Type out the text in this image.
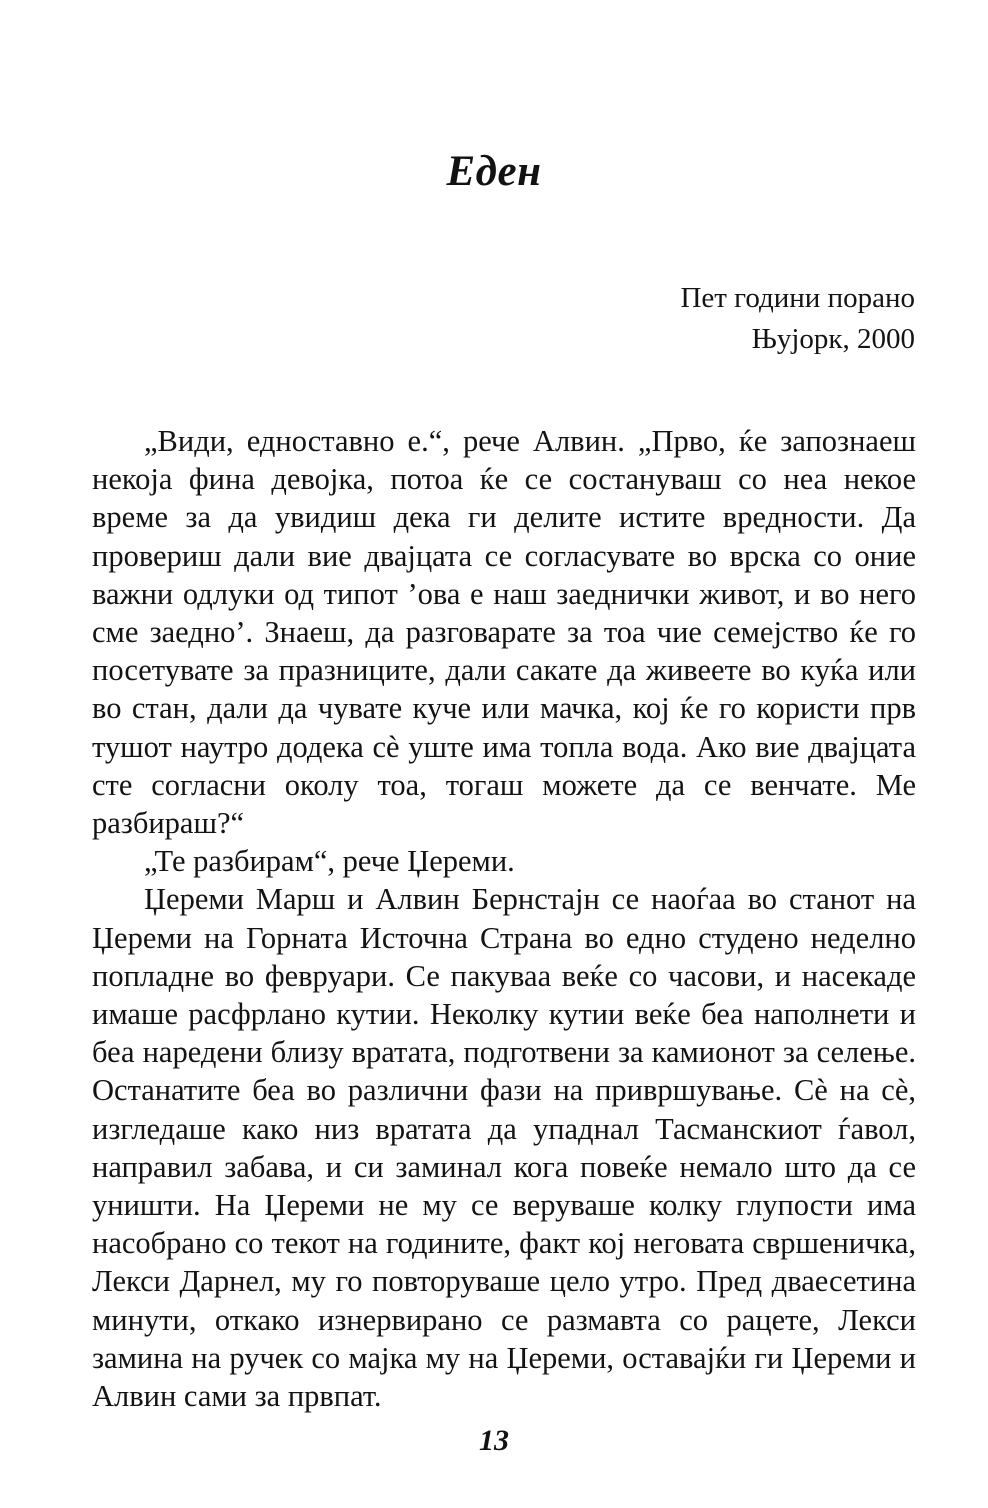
Еден
Пет години порано
Њујорк, 2000

„Види, едноставно е.“, рече Алвин. „Прво, ќе запознаеш некоја фина девојка, потоа ќе се состануваш со неа некое време за да увидиш дека ги делите истите вредности. Да провериш дали вие двајцата се согласувате во врска со оние важни одлуки од типот ’ова е наш заеднички живот, и во него сме заедно’. Знаеш, да разговарате за тоа чие семејство ќе го посетувате за празниците, дали сакате да живеете во куќа или во стан, дали да чувате куче или мачка, кој ќе го користи прв тушот наутро додека сѐ уште има топла вода. Ако вие двајцата сте согласни околу тоа, тогаш можете да се венчате. Ме разбираш?“

„Те разбирам“, рече Џереми.

Џереми Марш и Алвин Бернстајн се наоѓаа во станот на Џереми на Горната Источна Страна во едно студено неделно попладне во февруари. Се пакуваа веќе со часови, и насекаде имаше расфрлано кутии. Неколку кутии веќе беа наполнети и беа наредени близу вратата, подготвени за камионот за селење. Останатите беа во различни фази на привршување. Сѐ на сѐ, изгледаше како низ вратата да упаднал Тасманскиот ѓавол, направил забава, и си заминал кога повеќе немало што да се уништи. На Џереми не му се веруваше колку глупости има насобрано со текот на годините, факт кој неговата свршеничка, Лекси Дарнел, му го повторуваше цело утро. Пред дваесетина минути, откако изнервирано се размавта со рацете, Лекси замина на ручек со мајка му на Џереми, оставајќи ги Џереми и Алвин сами за првпат.

13
